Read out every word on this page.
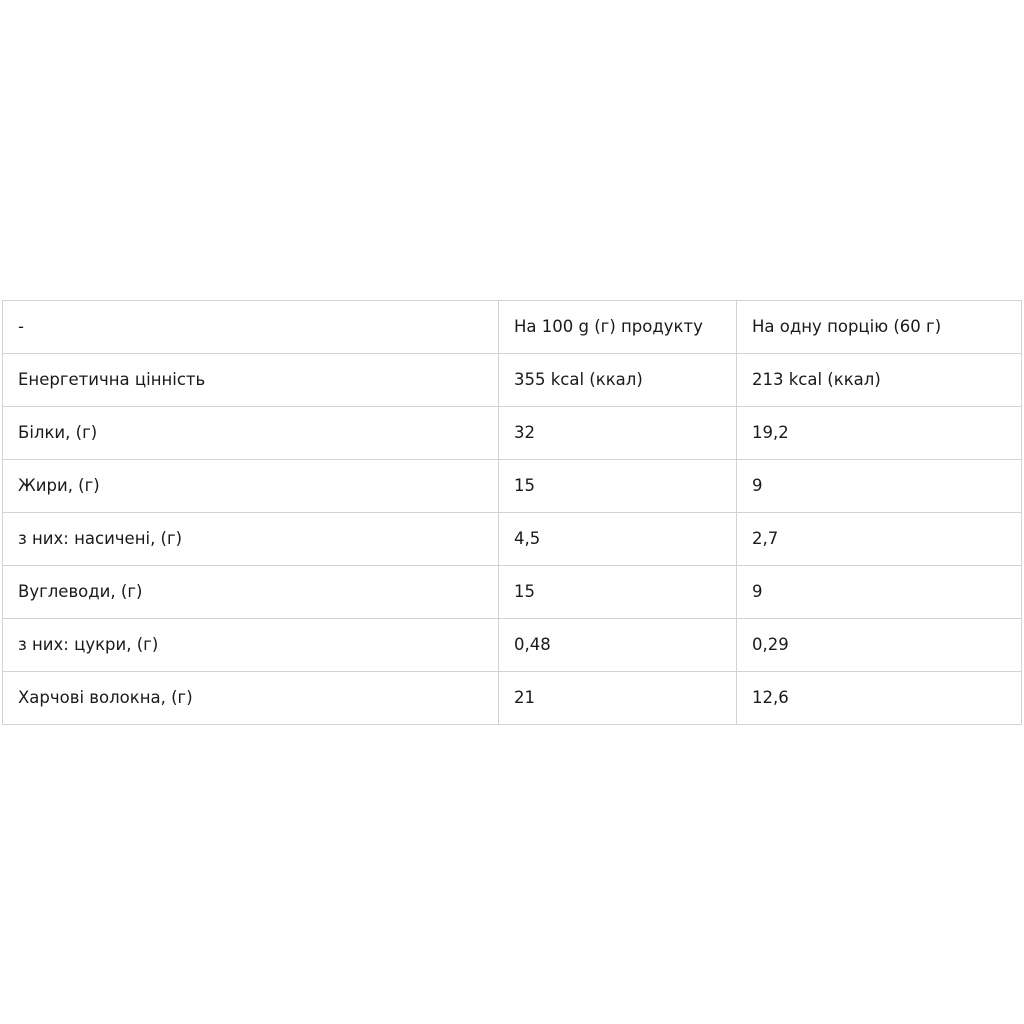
-	На 100 g (г) продукту	На одну порцію (60 г)
Енергетична цінність	355 kcal (ккал)	213 kcal (ккал)
Білки, (г)	32	19,2
Жири, (г)	15	9
з них: насичені, (г)	4,5	2,7
Вуглеводи, (г)	15	9
з них: цукри, (г)	0,48	0,29
Харчові волокна, (г)	21	12,6
